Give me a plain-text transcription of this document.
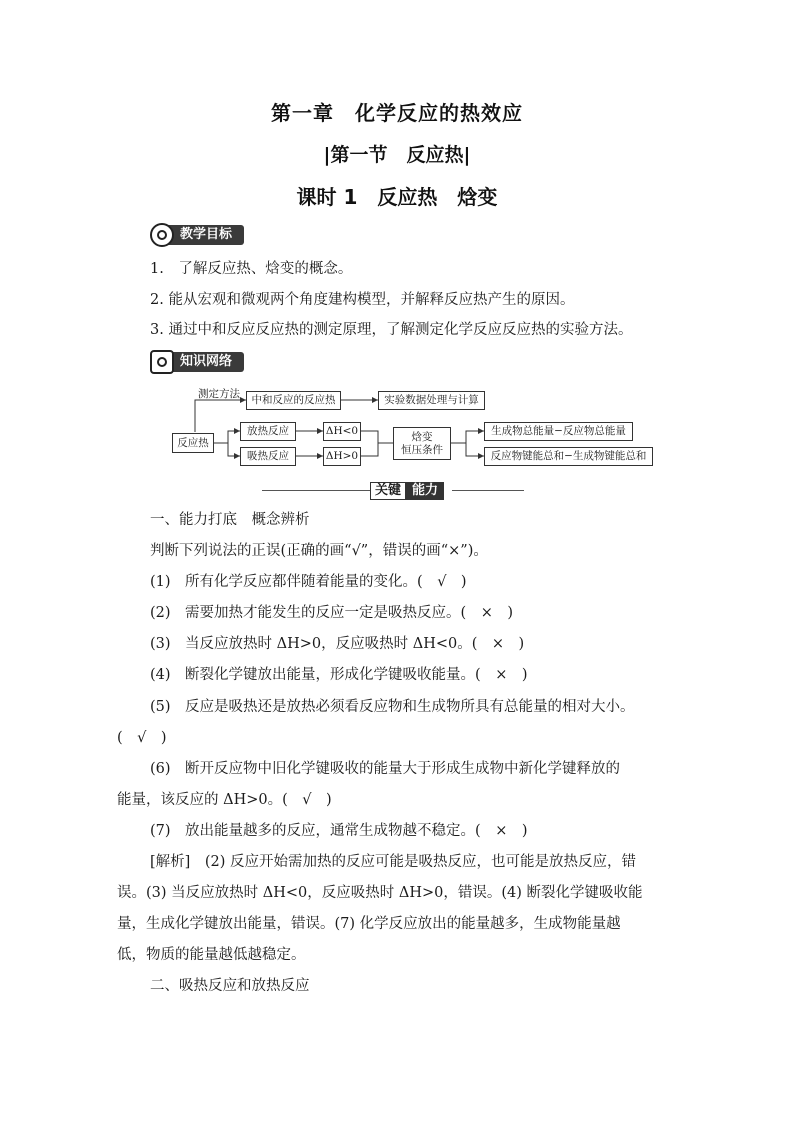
第一章　化学反应的热效应
|第一节　反应热|
课时 1　反应热　焓变
教学目标
1.　了解反应热、焓变的概念。
2. 能从宏观和微观两个角度建构模型，并解释反应热产生的原因。
3. 通过中和反应反应热的测定原理，了解测定化学反应反应热的实验方法。
知识网络
测定方法
反应热
中和反应的反应热	实验数据处理与计算
放热反应
吸热反应
ΔH<0
ΔH>0
焓变
恒压条件
生成物总能量−反应物总能量
反应物键能总和−生成物键能总和
关键 能力
一、能力打底　概念辨析
判断下列说法的正误(正确的画“√”，错误的画“×”)。
(1)　所有化学反应都伴随着能量的变化。(　√　)
(2)　需要加热才能发生的反应一定是吸热反应。(　×　)
(3)　当反应放热时 ΔH>0，反应吸热时 ΔH<0。(　×　)
(4)　断裂化学键放出能量，形成化学键吸收能量。(　×　)
(5)　反应是吸热还是放热必须看反应物和生成物所具有总能量的相对大小。
(　√　)
(6)　断开反应物中旧化学键吸收的能量大于形成生成物中新化学键释放的
能量，该反应的 ΔH>0。(　√　)
(7)　放出能量越多的反应，通常生成物越不稳定。(　×　)
[解析]　(2) 反应开始需加热的反应可能是吸热反应，也可能是放热反应，错
误。(3) 当反应放热时 ΔH<0，反应吸热时 ΔH>0，错误。(4) 断裂化学键吸收能
量，生成化学键放出能量，错误。(7) 化学反应放出的能量越多，生成物能量越
低，物质的能量越低越稳定。
二、吸热反应和放热反应
